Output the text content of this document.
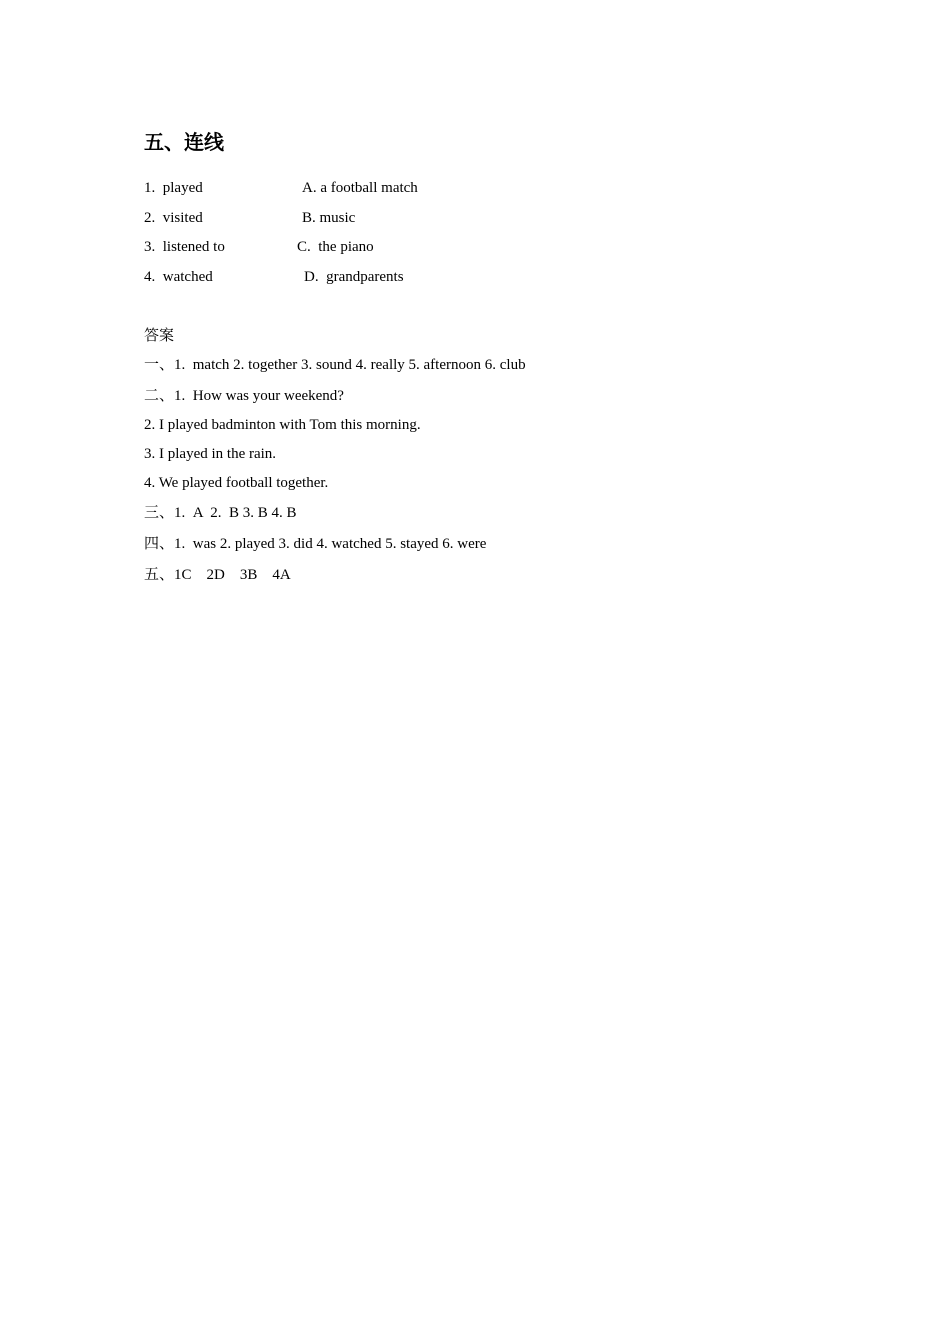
五、连线
1.  played	A. a football match
2.  visited	B. music
3.  listened to	C.  the piano
4.  watched	D.  grandparents
答案
一、1.  match 2. together 3. sound 4. really 5. afternoon 6. club
二、1.  How was your weekend?
2. I played badminton with Tom this morning.
3. I played in the rain.
4. We played football together.
三、1.  A  2.  B 3. B 4. B
四、1.  was 2. played 3. did 4. watched 5. stayed 6. were
五、1C    2D    3B    4A
